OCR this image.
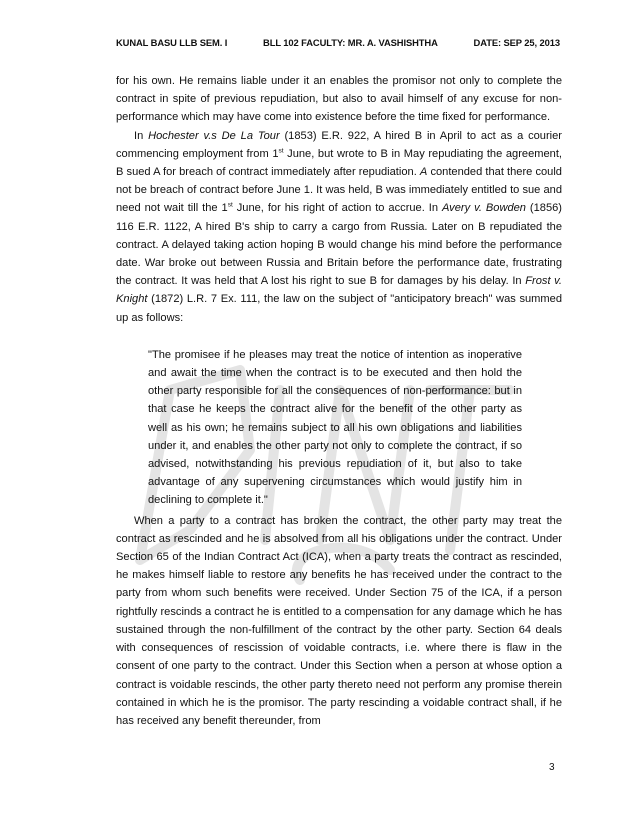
KUNAL BASU LLB SEM. I	BLL 102 FACULTY: MR. A. VASHISHTHA	DATE: SEP 25, 2013

for his own. He remains liable under it an enables the promisor not only to complete the contract in spite of previous repudiation, but also to avail himself of any excuse for non-performance which may have come into existence before the time fixed for performance.

In Hochester v.s De La Tour (1853) E.R. 922, A hired B in April to act as a courier commencing employment from 1st June, but wrote to B in May repudiating the agreement, B sued A for breach of contract immediately after repudiation. A contended that there could not be breach of contract before June 1. It was held, B was immediately entitled to sue and need not wait till the 1st June, for his right of action to accrue. In Avery v. Bowden (1856) 116 E.R. 1122, A hired B's ship to carry a cargo from Russia. Later on B repudiated the contract. A delayed taking action hoping B would change his mind before the performance date. War broke out between Russia and Britain before the performance date, frustrating the contract. It was held that A lost his right to sue B for damages by his delay. In Frost v. Knight (1872) L.R. 7 Ex. 111, the law on the subject of "anticipatory breach" was summed up as follows:

"The promisee if he pleases may treat the notice of intention as inoperative and await the time when the contract is to be executed and then hold the other party responsible for all the consequences of non-performance: but in that case he keeps the contract alive for the benefit of the other party as well as his own; he remains subject to all his own obligations and liabilities under it, and enables the other party not only to complete the contract, if so advised, notwithstanding his previous repudiation of it, but also to take advantage of any supervening circumstances which would justify him in declining to complete it."

When a party to a contract has broken the contract, the other party may treat the contract as rescinded and he is absolved from all his obligations under the contract. Under Section 65 of the Indian Contract Act (ICA), when a party treats the contract as rescinded, he makes himself liable to restore any benefits he has received under the contract to the party from whom such benefits were received. Under Section 75 of the ICA, if a person rightfully rescinds a contract he is entitled to a compensation for any damage which he has sustained through the non-fulfillment of the contract by the other party. Section 64 deals with consequences of rescission of voidable contracts, i.e. where there is flaw in the consent of one party to the contract. Under this Section when a person at whose option a contract is voidable rescinds, the other party thereto need not perform any promise therein contained in which he is the promisor. The party rescinding a voidable contract shall, if he has received any benefit thereunder, from

3
